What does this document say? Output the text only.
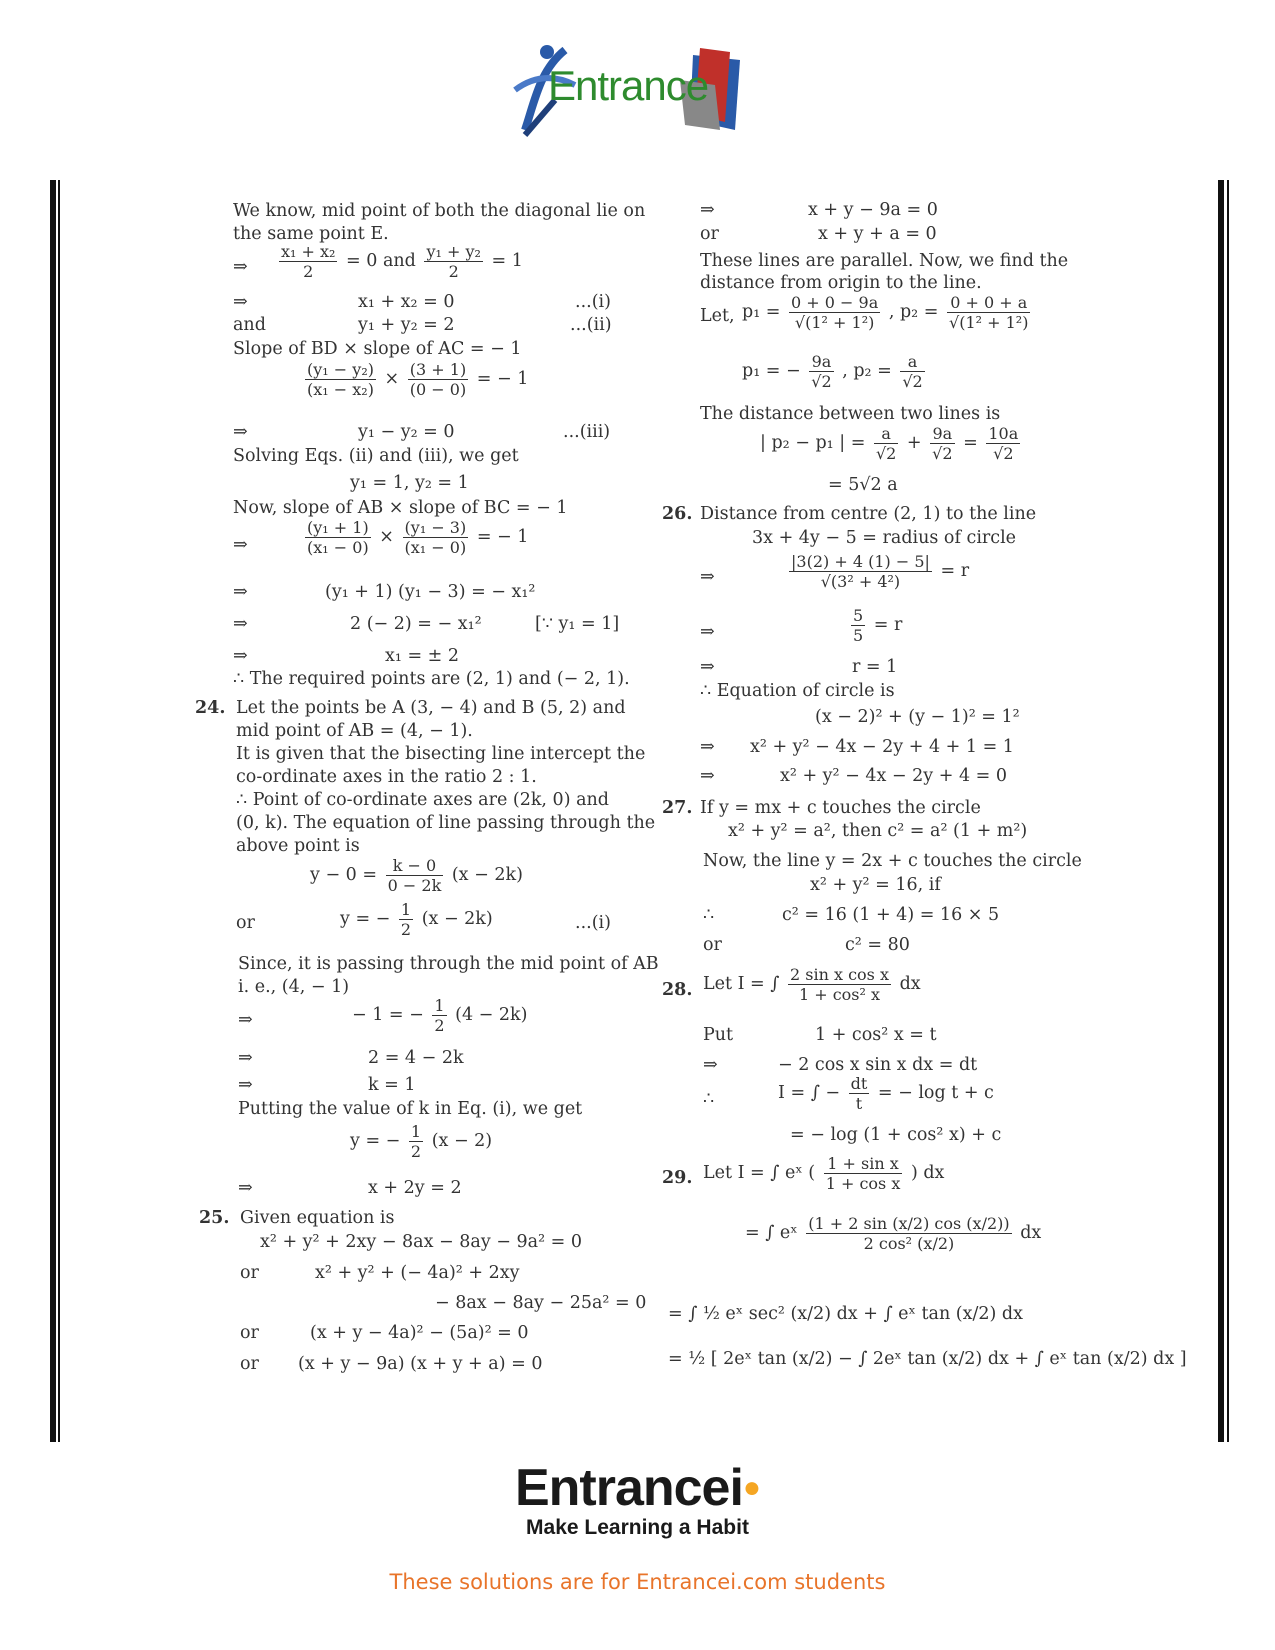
Entrance
We know, mid point of both the diagonal lie on
the same point E.
⇒ $\frac{\text{x₁ + x₂}}{2} = 0$ and $\frac{\text{y₁ + y₂}}{2} = 1$
⇒	x₁ + x₂ = 0	...(i)
and	y₁ + y₂ = 2	...(ii)
Slope of BD × slope of AC = − 1
$\frac{\text{(y₁ − y₂)}}{\text{(x₁ − x₂)}} \times \frac{(3 + 1)}{(0 - 0)}$ = − 1
⇒	y₁ − y₂ = 0	...(iii)
Solving Eqs. (ii) and (iii), we get
y₁ = 1, y₂ = 1
Now, slope of AB × slope of BC = − 1
⇒	$\frac{\text{(y₁ + 1)}}{\text{(x₁ − 0)}} \times \frac{\text{(y₁ − 3)}}{\text{(x₁ − 0)}}$ = − 1
⇒	(y₁ + 1) (y₁ − 3) = − x₁²
⇒	2 (− 2) = − x₁²	[∵ y₁ = 1]
⇒	x₁ = ± 2
∴ The required points are (2, 1) and (− 2, 1).
24. Let the points be A (3, − 4) and B (5, 2) and
mid point of AB = (4, − 1).
It is given that the bisecting line intercept the
co-ordinate axes in the ratio 2 : 1.
∴ Point of co-ordinate axes are (2k, 0) and
(0, k). The equation of line passing through the
above point is
$y - 0 = \frac{k - 0}{0 - 2k} (x - 2k)$
or	y = − $\frac{1}{2} (x - 2k)$	...(i)
Since, it is passing through the mid point of AB
i. e., (4, − 1)
⇒	− 1 = − $\frac{1}{2} (4 - 2k)$
⇒	2 = 4 − 2k
⇒	k = 1
Putting the value of k in Eq. (i), we get
y = − $\frac{1}{2} (x - 2)$
⇒	x + 2y = 2
25. Given equation is
x² + y² + 2xy − 8ax − 8ay − 9a² = 0
or	x² + y² + (− 4a)² + 2xy
− 8ax − 8ay − 25a² = 0
or	(x + y − 4a)² − (5a)² = 0
or (x + y − 9a) (x + y + a) = 0
⇒	x + y − 9a = 0
or	x + y + a = 0
These lines are parallel. Now, we find the
distance from origin to the line.
Let, $p_1 = \frac{0 + 0 - 9a}{\text{√(1² + 1²)}}$ , $p_2 = \frac{0 + 0 + a}{\text{√(1² + 1²)}}$
p₁ = − $\frac{9a}{√2}$ , $p_2 = \frac{a}{√2}$
The distance between two lines is
| p₂ − p₁ | = $\frac{a}{√2} + \frac{9a}{√2} = \frac{10a}{√2}$
= 5√2 a
26. Distance from centre (2, 1) to the line
3x + 4y − 5 = radius of circle
⇒	$\frac{|3(2) + 4 (1) - 5|}{\text{√(3² + 4²)}} = r$
⇒	$\frac{5}{5} = r$
⇒	r = 1
∴ Equation of circle is
(x − 2)² + (y − 1)² = 1²
⇒ x² + y² − 4x − 2y + 4 + 1 = 1
⇒	x² + y² − 4x − 2y + 4 = 0
27. If y = mx + c touches the circle
x² + y² = a², then c² = a² (1 + m²)
Now, the line y = 2x + c touches the circle
x² + y² = 16, if
∴	c² = 16 (1 + 4) = 16 × 5
or	c² = 80
28. Let I = ∫ $\frac{\text{2 sin x cos x}}{\text{1 + cos² x}}$ dx
Put	1 + cos² x = t
⇒	− 2 cos x sin x dx = dt
∴	I = ∫ − $\frac{dt}{t}$ = − log t + c
= − log (1 + cos² x) + c
29. Let I = ∫ eˣ ( $\frac{\text{1 + sin x}}{\text{1 + cos x}}$ ) dx
= ∫ eˣ $\frac{(1 + 2 \sin (x/2) \cos (x/2))}{\text{2 cos² (x/2)}}$ dx
= ∫ ½ eˣ sec² (x/2) dx + ∫ eˣ tan (x/2) dx
= ½ [ 2eˣ tan (x/2) − ∫ 2eˣ tan (x/2) dx + ∫ eˣ tan (x/2) dx ]
Entrancei●
Make Learning a Habit
These solutions are for Entrancei.com students
